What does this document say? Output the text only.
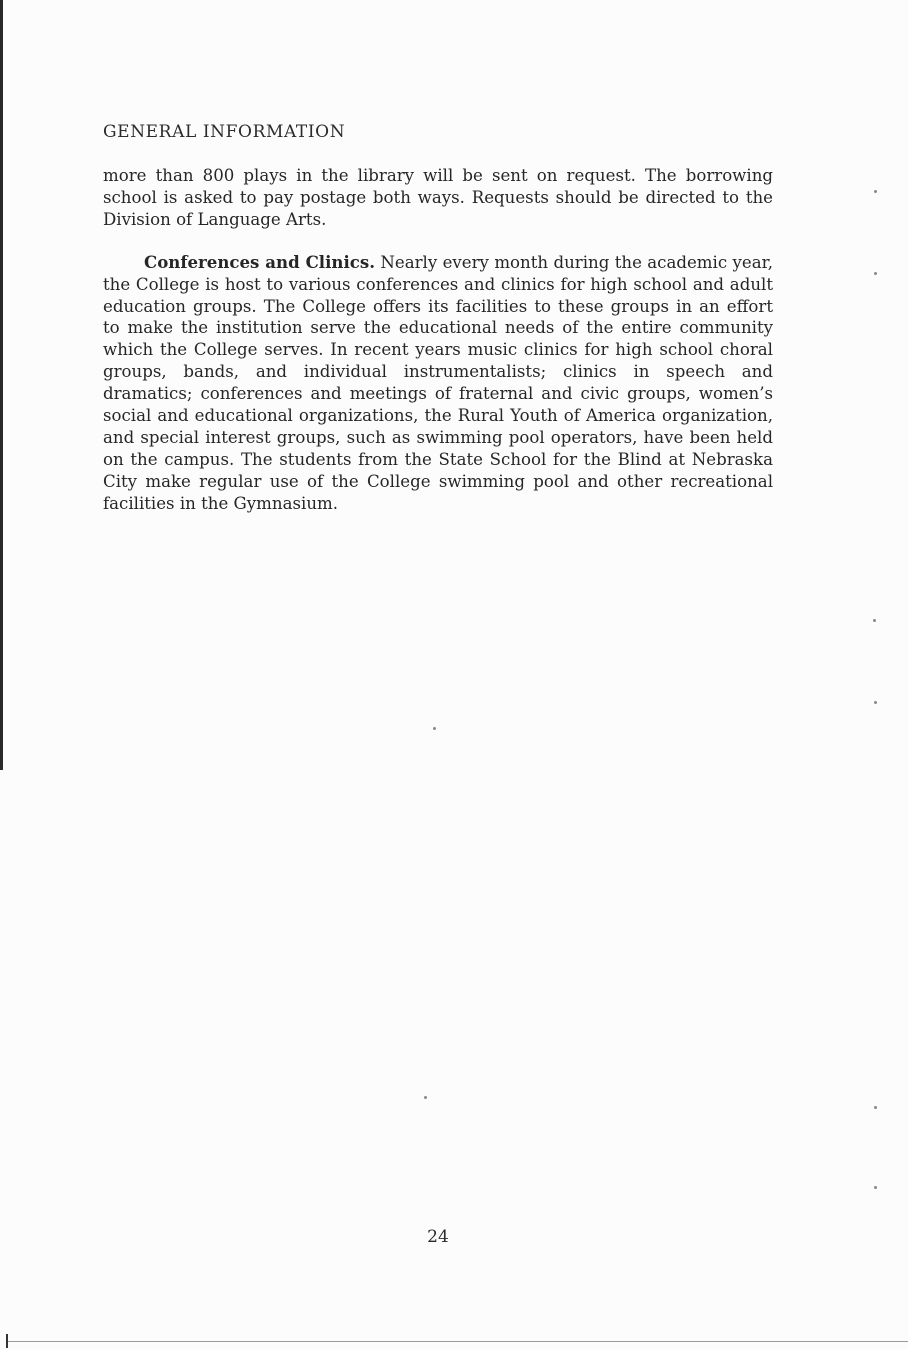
GENERAL INFORMATION

more than 800 plays in the library will be sent on request. The borrowing school is asked to pay postage both ways. Requests should be directed to the Division of Language Arts.

Conferences and Clinics. Nearly every month during the academic year, the College is host to various conferences and clinics for high school and adult education groups. The College offers its facilities to these groups in an effort to make the institution serve the educational needs of the entire community which the College serves. In recent years music clinics for high school choral groups, bands, and individual instrumentalists; clinics in speech and dramatics; conferences and meetings of fraternal and civic groups, women’s social and educational organizations, the Rural Youth of America organization, and special interest groups, such as swimming pool operators, have been held on the campus. The students from the State School for the Blind at Nebraska City make regular use of the College swimming pool and other recreational facilities in the Gymnasium.

24
